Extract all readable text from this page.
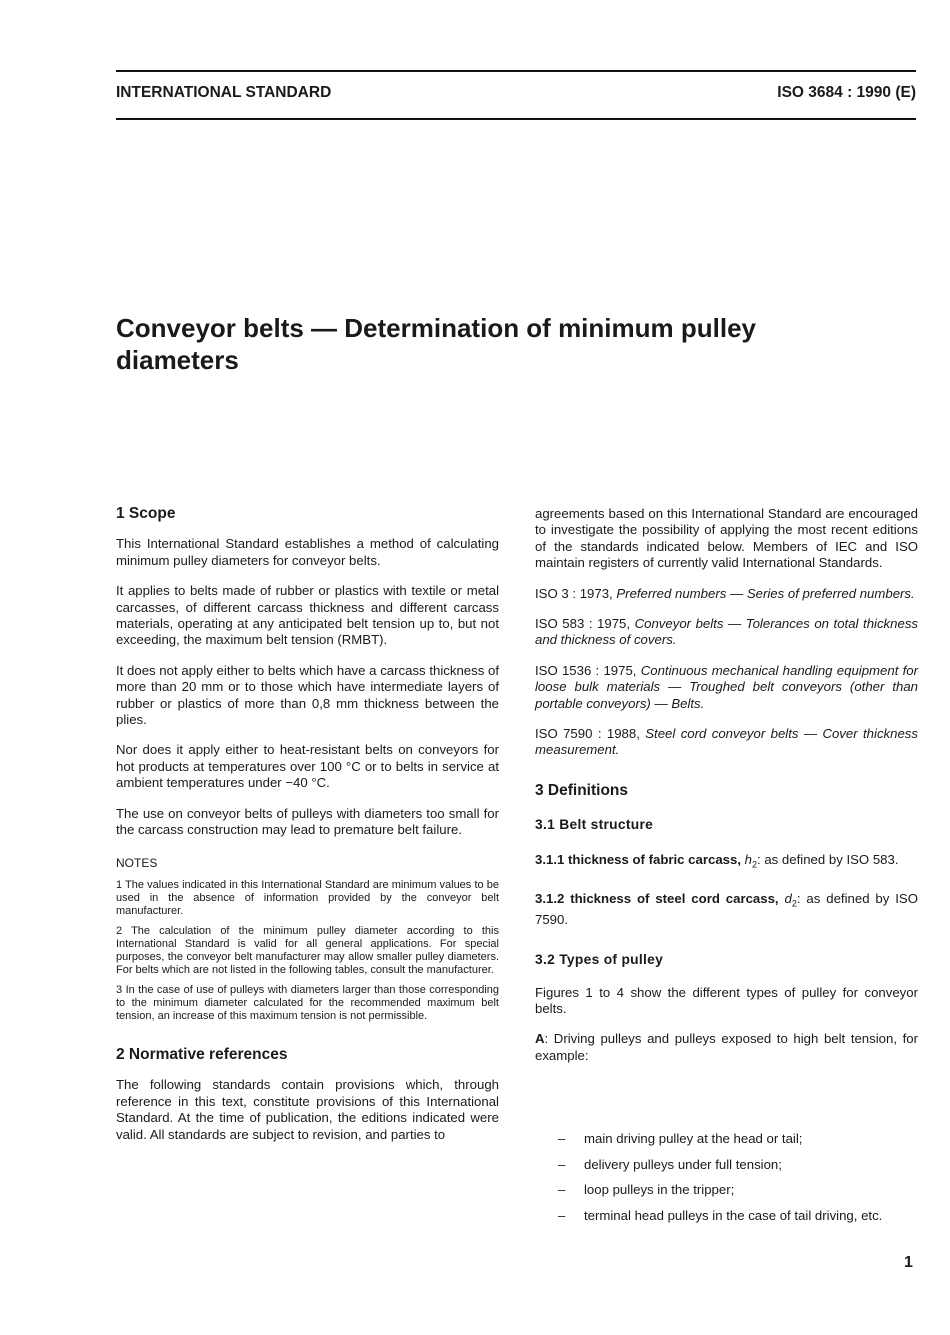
INTERNATIONAL STANDARD	ISO 3684 : 1990 (E)
Conveyor belts — Determination of minimum pulley
diameters
1 Scope
This International Standard establishes a method of calculating minimum pulley diameters for conveyor belts.
It applies to belts made of rubber or plastics with textile or metal carcasses, of different carcass thickness and different carcass materials, operating at any anticipated belt tension up to, but not exceeding, the maximum belt tension (RMBT).
It does not apply either to belts which have a carcass thickness of more than 20 mm or to those which have intermediate layers of rubber or plastics of more than 0,8 mm thickness between the plies.
Nor does it apply either to heat-resistant belts on conveyors for hot products at temperatures over 100 °C or to belts in service at ambient temperatures under −40 °C.
The use on conveyor belts of pulleys with diameters too small for the carcass construction may lead to premature belt failure.
NOTES
1 The values indicated in this International Standard are minimum values to be used in the absence of information provided by the conveyor belt manufacturer.
2 The calculation of the minimum pulley diameter according to this International Standard is valid for all general applications. For special purposes, the conveyor belt manufacturer may allow smaller pulley diameters. For belts which are not listed in the following tables, consult the manufacturer.
3 In the case of use of pulleys with diameters larger than those corresponding to the minimum diameter calculated for the recommended maximum belt tension, an increase of this maximum tension is not permissible.
2 Normative references
The following standards contain provisions which, through reference in this text, constitute provisions of this International Standard. At the time of publication, the editions indicated were valid. All standards are subject to revision, and parties to
agreements based on this International Standard are encouraged to investigate the possibility of applying the most recent editions of the standards indicated below. Members of IEC and ISO maintain registers of currently valid International Standards.
ISO 3 : 1973, Preferred numbers — Series of preferred numbers.
ISO 583 : 1975, Conveyor belts — Tolerances on total thickness and thickness of covers.
ISO 1536 : 1975, Continuous mechanical handling equipment for loose bulk materials — Troughed belt conveyors (other than portable conveyors) — Belts.
ISO 7590 : 1988, Steel cord conveyor belts — Cover thickness measurement.
3 Definitions
3.1 Belt structure
3.1.1 thickness of fabric carcass, $h_2$: as defined by ISO 583.
3.1.2 thickness of steel cord carcass, $d_2$: as defined by ISO 7590.
3.2 Types of pulley
Figures 1 to 4 show the different types of pulley for conveyor belts.
A: Driving pulleys and pulleys exposed to high belt tension, for example:
– main driving pulley at the head or tail;
– delivery pulleys under full tension;
– loop pulleys in the tripper;
– terminal head pulleys in the case of tail driving, etc.
1
